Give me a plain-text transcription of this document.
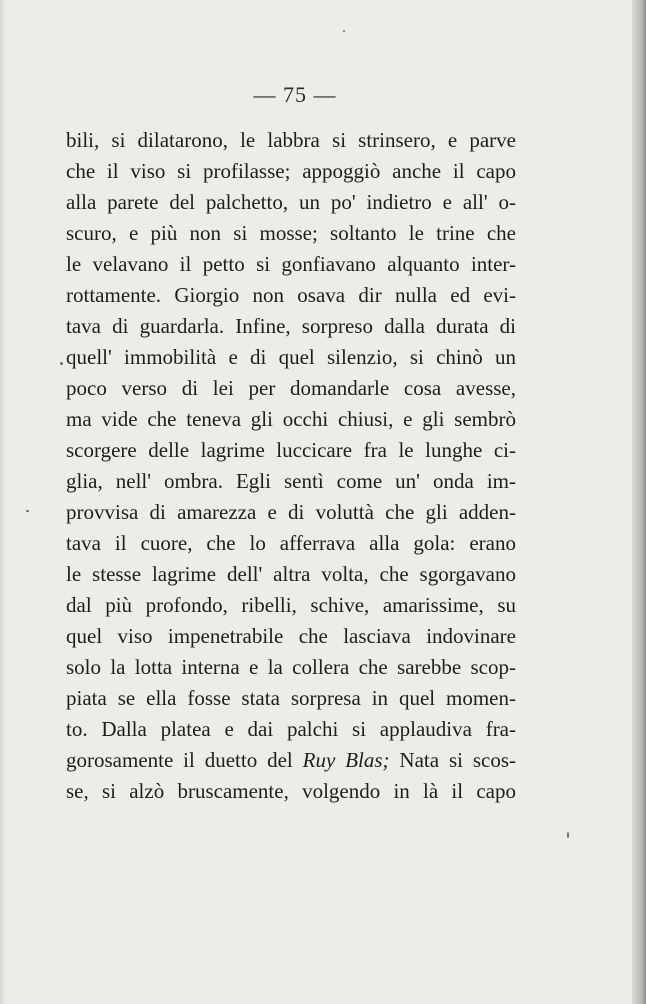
— 75 —
bili, si dilatarono, le labbra si strinsero, e parve
che il viso si profilasse; appoggiò anche il capo
alla parete del palchetto, un po' indietro e all' o-
scuro, e più non si mosse; soltanto le trine che
le velavano il petto si gonfiavano alquanto inter-
rottamente. Giorgio non osava dir nulla ed evi-
tava di guardarla. Infine, sorpreso dalla durata di
quell' immobilità e di quel silenzio, si chinò un
poco verso di lei per domandarle cosa avesse,
ma vide che teneva gli occhi chiusi, e gli sembrò
scorgere delle lagrime luccicare fra le lunghe ci-
glia, nell' ombra. Egli sentì come un' onda im-
provvisa di amarezza e di voluttà che gli adden-
tava il cuore, che lo afferrava alla gola: erano
le stesse lagrime dell' altra volta, che sgorgavano
dal più profondo, ribelli, schive, amarissime, su
quel viso impenetrabile che lasciava indovinare
solo la lotta interna e la collera che sarebbe scop-
piata se ella fosse stata sorpresa in quel momen-
to. Dalla platea e dai palchi si applaudiva fra-
gorosamente il duetto del Ruy Blas; Nata si scos-
se, si alzò bruscamente, volgendo in là il capo
